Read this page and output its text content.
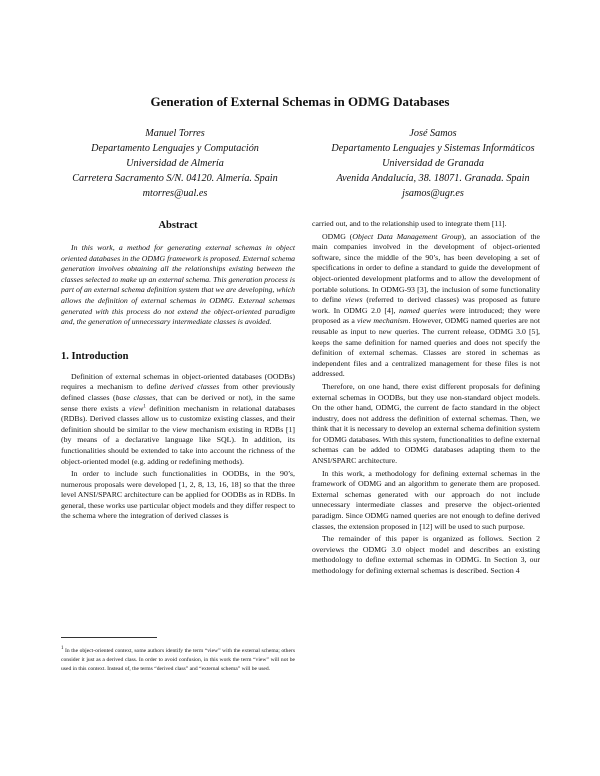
Generation of External Schemas in ODMG Databases
Manuel Torres
Departamento Lenguajes y Computación
Universidad de Almería
Carretera Sacramento S/N. 04120. Almería. Spain
mtorres@ual.es
José Samos
Departamento Lenguajes y Sistemas Informáticos
Universidad de Granada
Avenida Andalucía, 38. 18071. Granada. Spain
jsamos@ugr.es
Abstract

In this work, a method for generating external schemas in object oriented databases in the ODMG framework is proposed. External schema generation involves obtaining all the relationships existing between the classes selected to make up an external schema. This generation process is part of an external schema definition system that we are developing, which allows the definition of external schemas in ODMG. External schemas generated with this process do not extend the object-oriented paradigm and, the generation of unnecessary intermediate classes is avoided.

1. Introduction

Definition of external schemas in object-oriented databases (OODBs) requires a mechanism to define derived classes from other previously defined classes (base classes, that can be derived or not), in the same sense there exists a view$^1$ definition mechanism in relational databases (RDBs). Derived classes allow us to customize existing classes, and their definition should be similar to the view mechanism existing in RDBs [1] (by means of a declarative language like SQL). In addition, its functionalities should be extended to take into account the richness of the object-oriented model (e.g. adding or redefining methods).

In order to include such functionalities in OODBs, in the 90’s, numerous proposals were developed [1, 2, 8, 13, 16, 18] so that the three level ANSI/SPARC architecture can be applied for OODBs as in RDBs. In general, these works use particular object models and they differ respect to the schema where the integration of derived classes is

$^1$ In the object-oriented context, some authors identify the term “view” with the external schema; others consider it just as a derived class. In order to avoid confusion, in this work the term “view” will not be used in this context. Instead of, the terms “derived class” and “external schema” will be used.

carried out, and to the relationship used to integrate them [11].

ODMG (Object Data Management Group), an association of the main companies involved in the development of object-oriented software, since the middle of the 90’s, has been developing a set of specifications in order to define a standard to guide the development of object-oriented development platforms and to allow the development of portable solutions. In ODMG-93 [3], the inclusion of some functionality to define views (referred to derived classes) was proposed as future work. In ODMG 2.0 [4], named queries were introduced; they were proposed as a view mechanism. However, ODMG named queries are not reusable as input to new queries. The current release, ODMG 3.0 [5], keeps the same definition for named queries and does not specify the definition of external schemas. Classes are stored in schemas as independent files and a centralized management for these files is not addressed.

Therefore, on one hand, there exist different proposals for defining external schemas in OODBs, but they use non-standard object models. On the other hand, ODMG, the current de facto standard in the object industry, does not address the definition of external schemas. Then, we think that it is necessary to develop an external schema definition system for ODMG databases. With this system, functionalities to define external schemas can be added to ODMG databases adapting them to the ANSI/SPARC architecture.

In this work, a methodology for defining external schemas in the framework of ODMG and an algorithm to generate them are proposed. External schemas generated with our approach do not include unnecessary intermediate classes and preserve the object-oriented paradigm. Since ODMG named queries are not enough to define derived classes, the extension proposed in [12] will be used to such purpose.

The remainder of this paper is organized as follows. Section 2 overviews the ODMG 3.0 object model and describes an existing methodology to define external schemas in ODMG. In Section 3, our methodology for defining external schemas is described. Section 4
